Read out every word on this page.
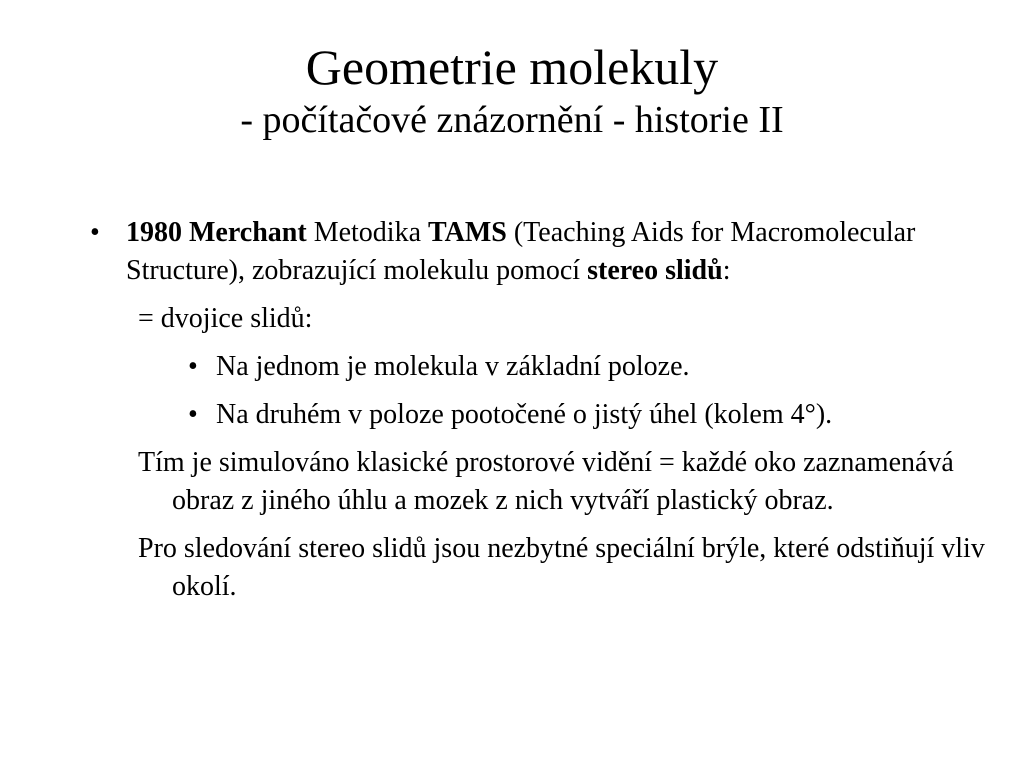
Geometrie molekuly
- počítačové znázornění - historie II
• 1980 Merchant Metodika TAMS (Teaching Aids for Macromolecular Structure), zobrazující molekulu pomocí stereo slidů:
= dvojice slidů:
• Na jednom je molekula v základní poloze.
• Na druhém v poloze pootočené o jistý úhel (kolem 4°).
Tím je simulováno klasické prostorové vidění = každé oko zaznamenává obraz z jiného úhlu a mozek z nich vytváří plastický obraz.
Pro sledování stereo slidů jsou nezbytné speciální brýle, které odstiňují vliv okolí.
